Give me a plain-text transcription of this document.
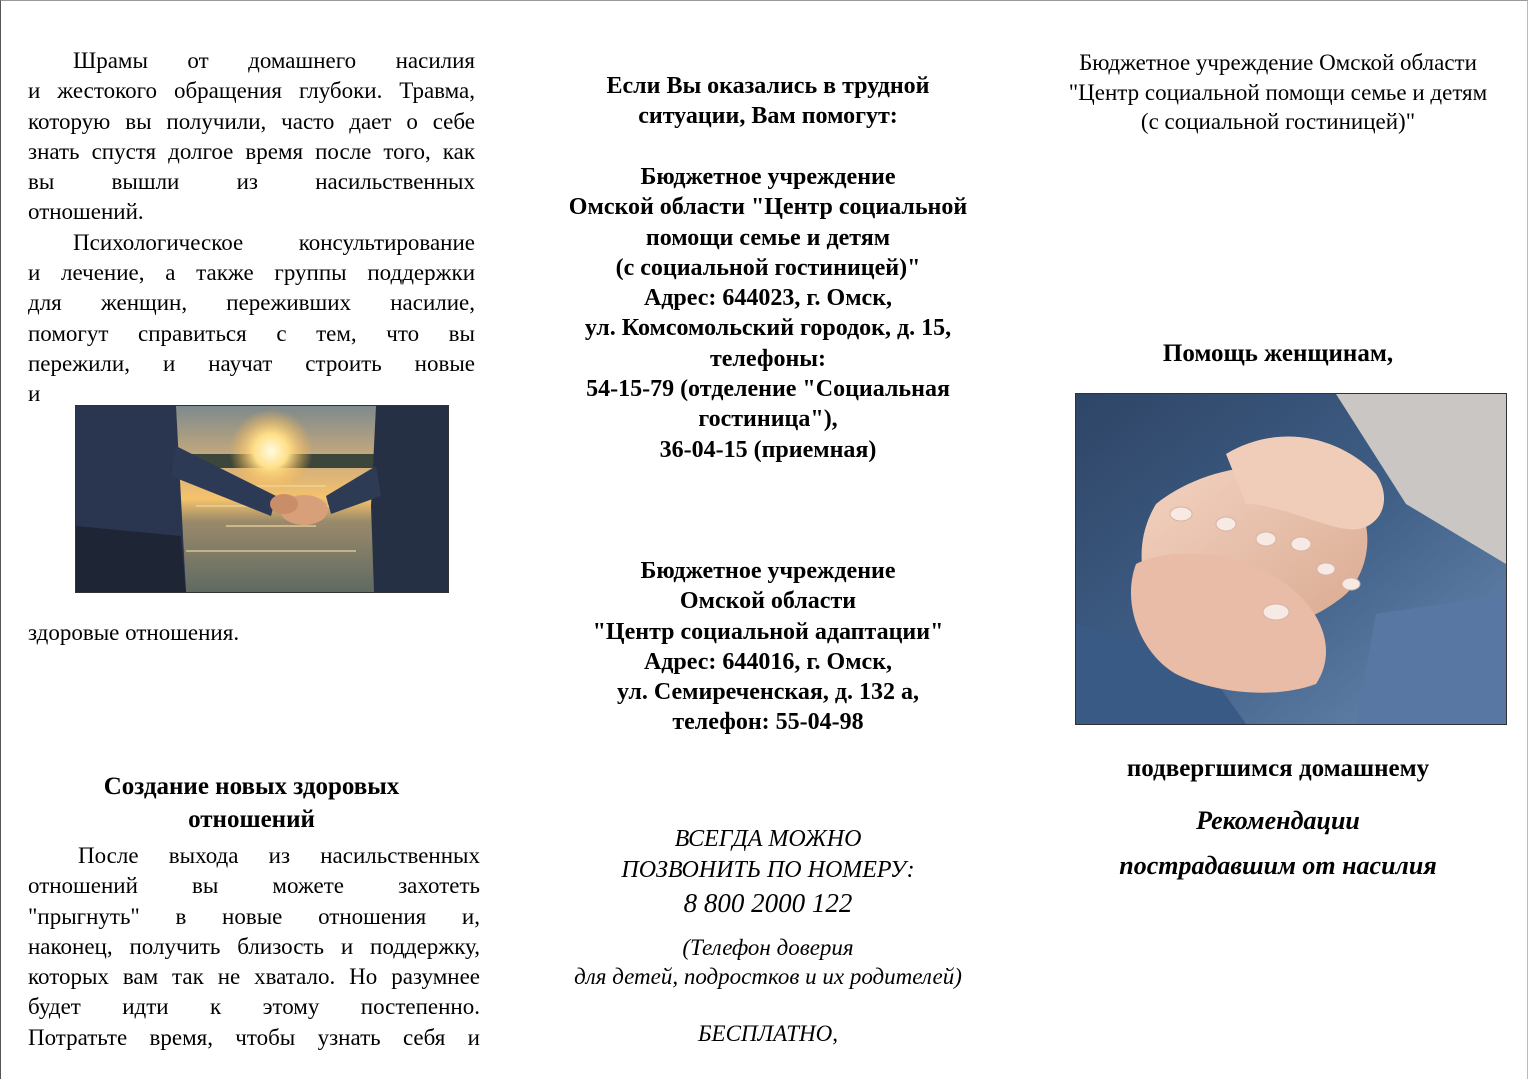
Шрамы от домашнего насилия
и жестокого обращения глубоки. Травма,
которую вы получили, часто дает о себе
знать спустя долгое время после того, как
вы вышли из насильственных
отношений.
Психологическое консультирование
и лечение, а также группы поддержки
для женщин, переживших насилие,
помогут справиться с тем, что вы
пережили, и научат строить новые
и
здоровые отношения.
Создание новых здоровых
отношений
После выхода из насильственных
отношений вы можете захотеть
"прыгнуть" в новые отношения и,
наконец, получить близость и поддержку,
которых вам так не хватало. Но разумнее
будет идти к этому постепенно.
Потратьте время, чтобы узнать себя и
Если Вы оказались в трудной
ситуации, Вам помогут:
Бюджетное учреждение
Омской области "Центр социальной
помощи семье и детям
(с социальной гостиницей)"
Адрес: 644023, г. Омск,
ул. Комсомольский городок, д. 15,
телефоны:
54-15-79 (отделение "Социальная
гостиница"),
36-04-15 (приемная)
Бюджетное учреждение
Омской области
"Центр социальной адаптации"
Адрес: 644016, г. Омск,
ул. Семиреченская, д. 132 а,
телефон: 55-04-98
ВСЕГДА МОЖНО
ПОЗВОНИТЬ ПО НОМЕРУ:
8 800 2000 122
(Телефон доверия
для детей, подростков и их родителей)
БЕСПЛАТНО,
Бюджетное учреждение Омской области
"Центр социальной помощи семье и детям
(с социальной гостиницей)"
Помощь женщинам,
подвергшимся домашнему
Рекомендации
пострадавшим от насилия
